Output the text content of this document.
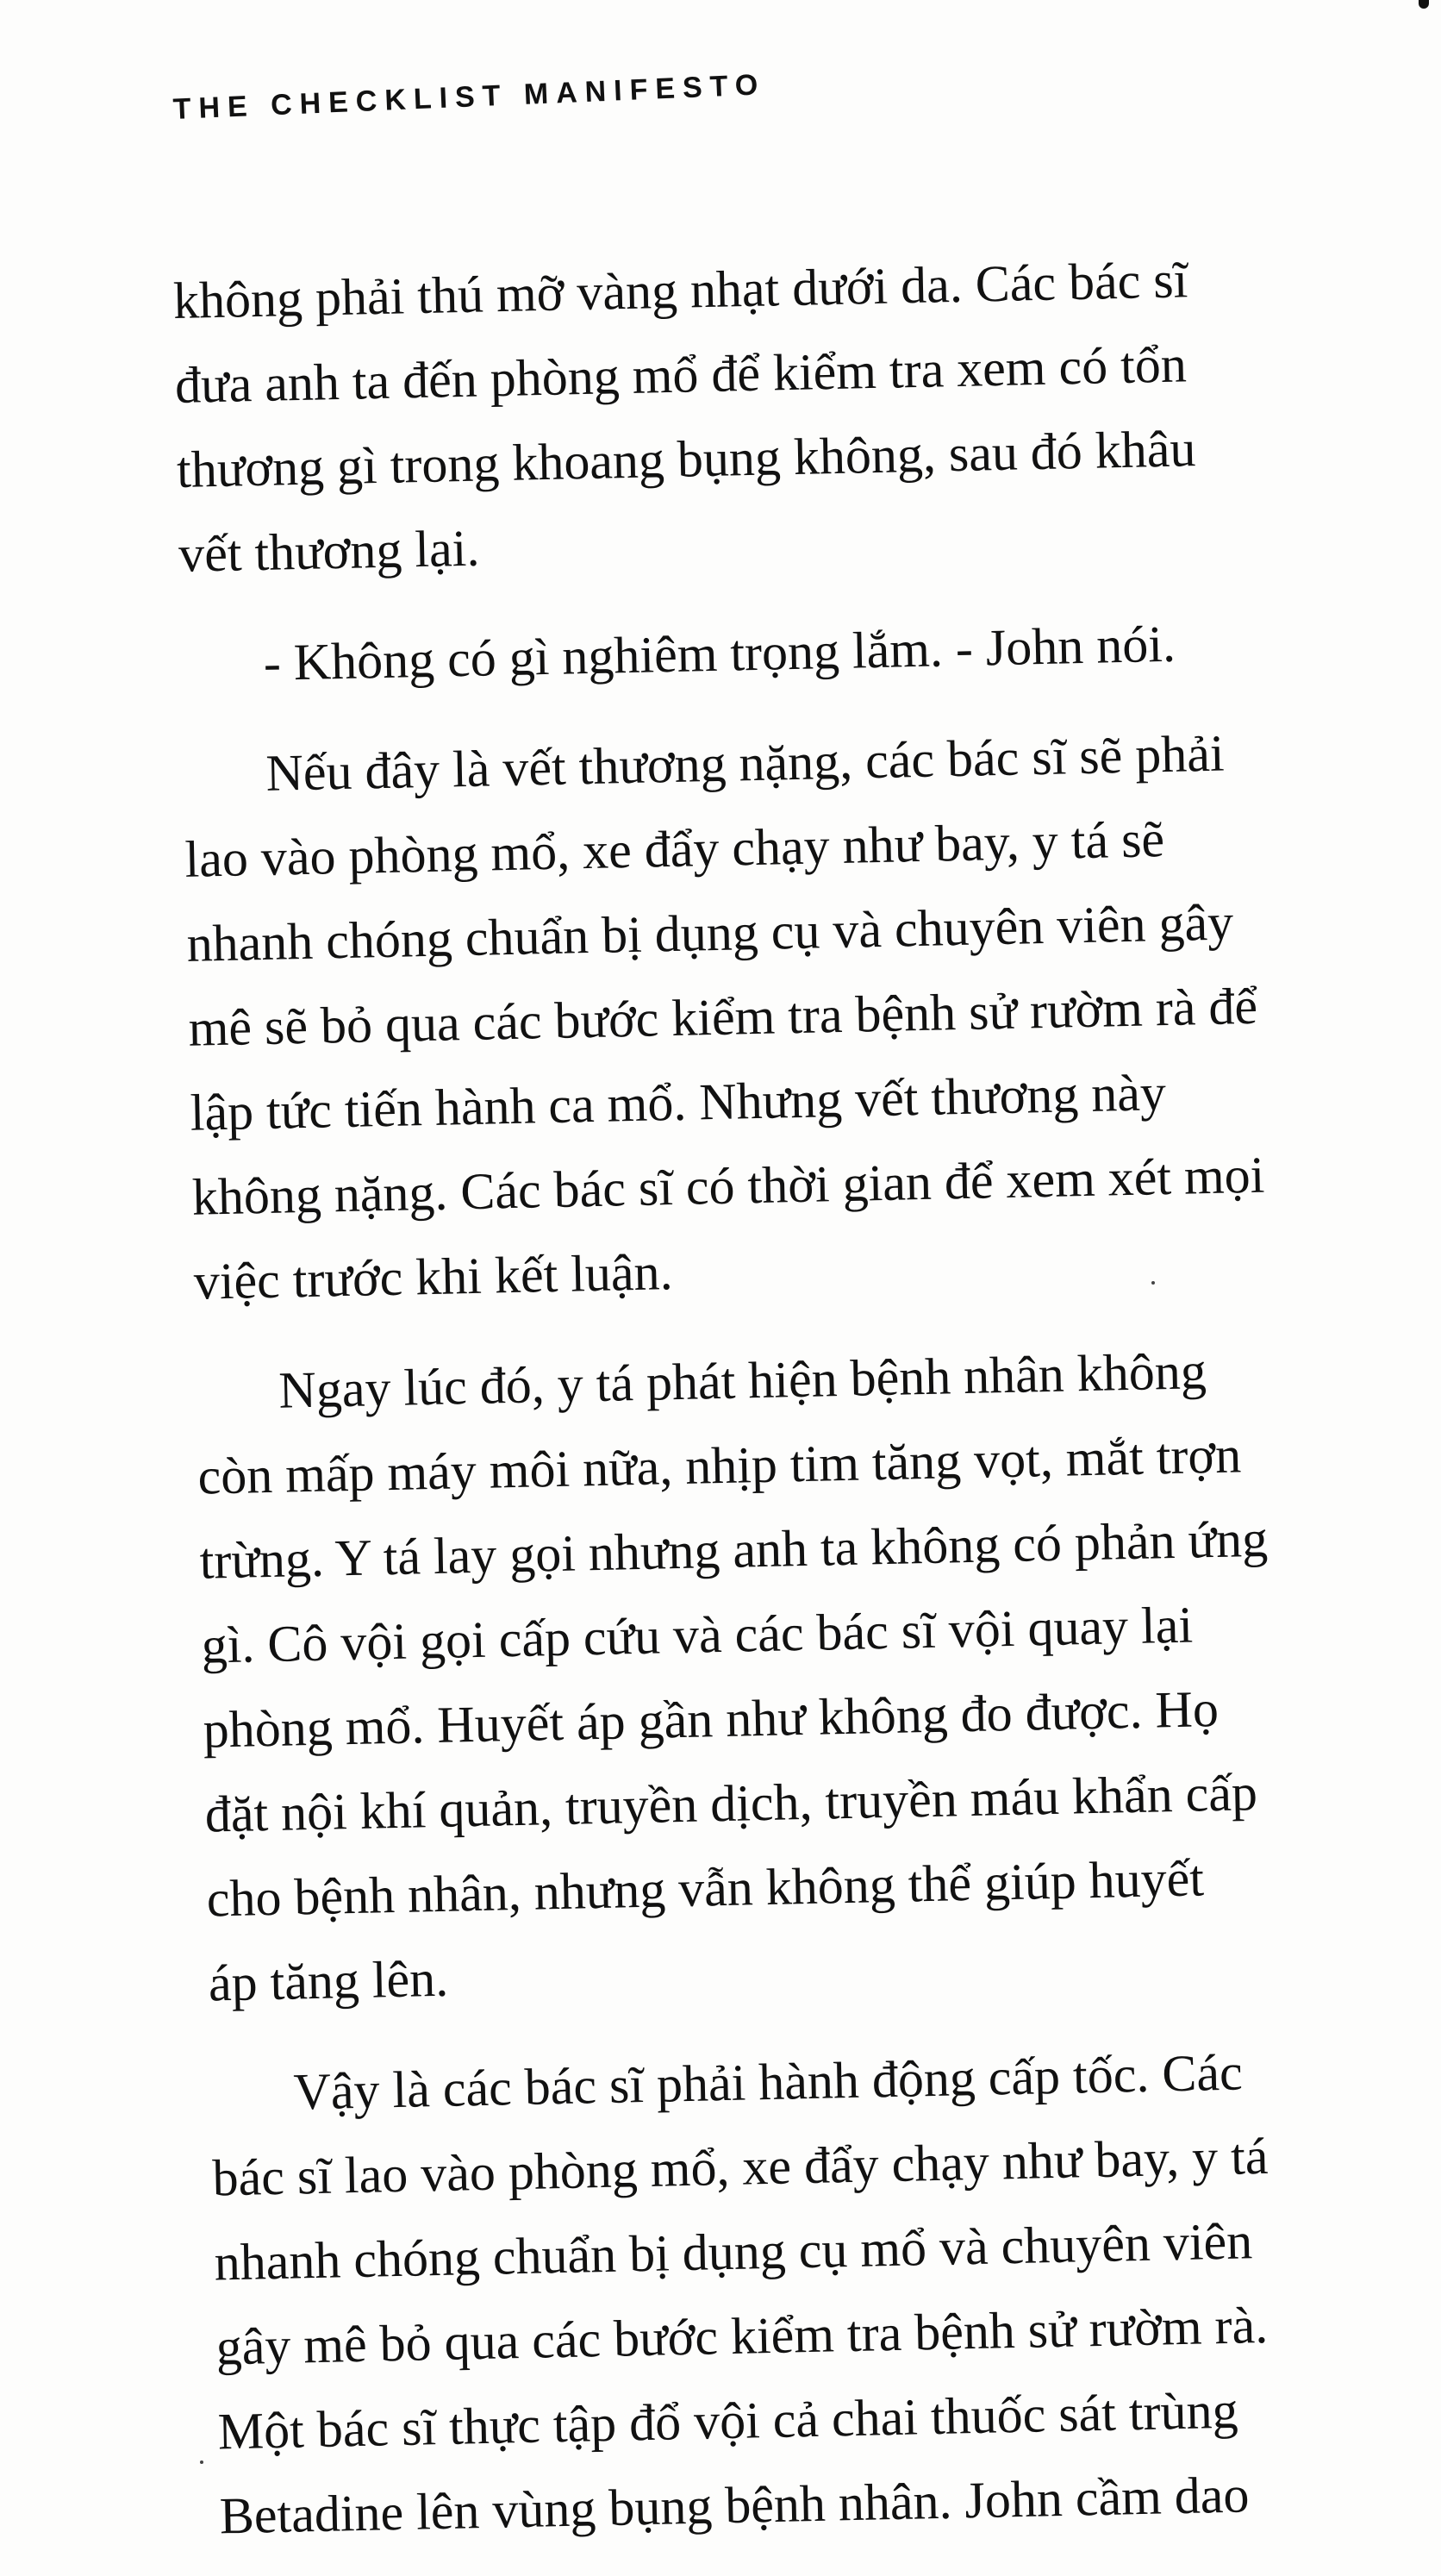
THE CHECKLIST MANIFESTO
không phải thú mỡ vàng nhạt dưới da. Các bác sĩ
đưa anh ta đến phòng mổ để kiểm tra xem có tổn
thương gì trong khoang bụng không, sau đó khâu
vết thương lại.
- Không có gì nghiêm trọng lắm. - John nói.
Nếu đây là vết thương nặng, các bác sĩ sẽ phải
lao vào phòng mổ, xe đẩy chạy như bay, y tá sẽ
nhanh chóng chuẩn bị dụng cụ và chuyên viên gây
mê sẽ bỏ qua các bước kiểm tra bệnh sử rườm rà để
lập tức tiến hành ca mổ. Nhưng vết thương này
không nặng. Các bác sĩ có thời gian để xem xét mọi
việc trước khi kết luận.
Ngay lúc đó, y tá phát hiện bệnh nhân không
còn mấp máy môi nữa, nhịp tim tăng vọt, mắt trợn
trừng. Y tá lay gọi nhưng anh ta không có phản ứng
gì. Cô vội gọi cấp cứu và các bác sĩ vội quay lại
phòng mổ. Huyết áp gần như không đo được. Họ
đặt nội khí quản, truyền dịch, truyền máu khẩn cấp
cho bệnh nhân, nhưng vẫn không thể giúp huyết
áp tăng lên.
Vậy là các bác sĩ phải hành động cấp tốc. Các
bác sĩ lao vào phòng mổ, xe đẩy chạy như bay, y tá
nhanh chóng chuẩn bị dụng cụ mổ và chuyên viên
gây mê bỏ qua các bước kiểm tra bệnh sử rườm rà.
Một bác sĩ thực tập đổ vội cả chai thuốc sát trùng
Betadine lên vùng bụng bệnh nhân. John cầm dao
